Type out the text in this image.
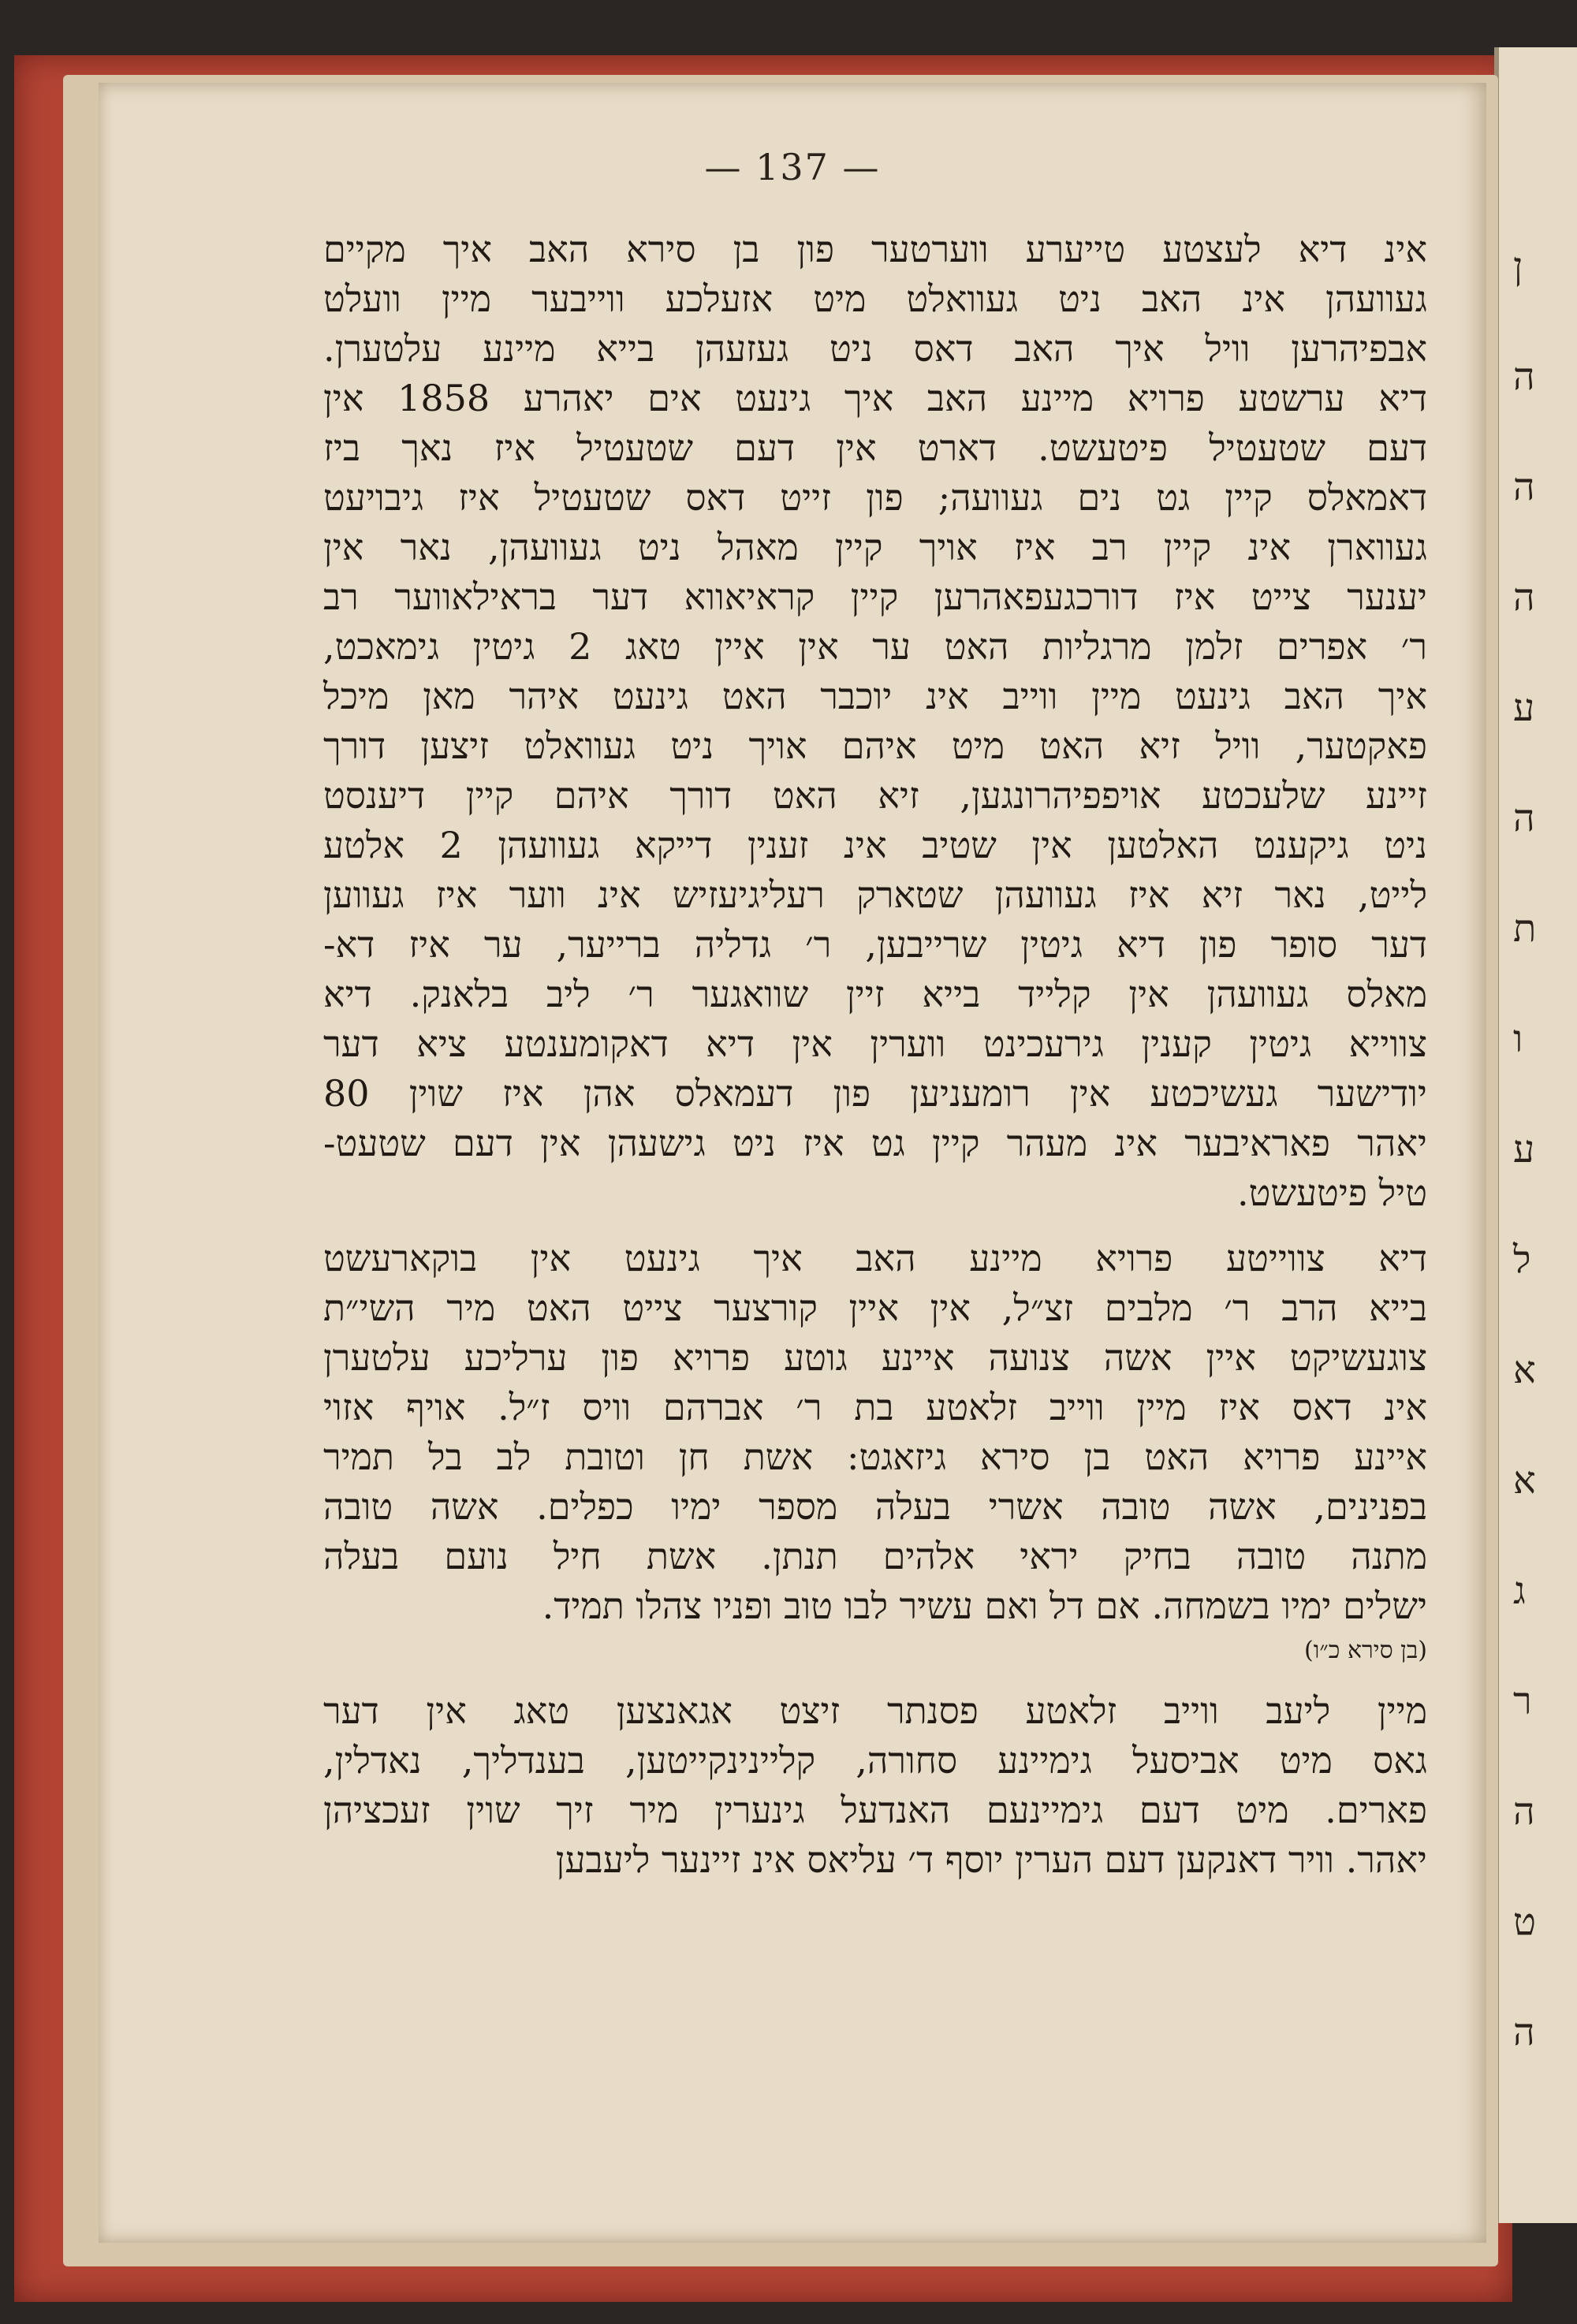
ן
ה
ה
ה
ע
ה
ת
ו
ע
ל
א
א
ג
ר
ה
ט
ה
— 137 —
אינ דיא לעצטע טייערע ווערטער פון בן סירא האב איך מקיים
געוועהן אינ האב ניט געוואלט מיט אזעלכע ווייבער מיין וועלט
אבפיהרען וויל איך האב דאס ניט געזעהן בייא מיינע עלטערן.
דיא ערשטע פרויא מיינע האב איך גינעט אים יאהרע 1858 אין
דעם שטעטיל פיטעשט. דארט אין דעם שטעטיל איז נאך ביז
דאמאלס קיין גט נים געוועה; פון זייט דאס שטעטיל איז גיבויעט
געווארן אינ קיין רב איז אויך קיין מאהל ניט געוועהן, נאר אין
יענער צייט איז דורכגעפאהרען קיין קראיאווא דער בראילאווער רב
ר׳ אפרים זלמן מרגליות האט ער אין איין טאג 2 גיטין גימאכט,
איך האב גינעט מיין ווייב אינ יוכבר האט גינעט איהר מאן מיכל
פאקטער, וויל זיא האט מיט איהם אויך ניט געוואלט זיצען דורך
זיינע שלעכטע אויפפיהרונגען, זיא האט דורך איהם קיין דיענסט
ניט גיקענט האלטען אין שטיב אינ זענין דייקא געוועהן 2 אלטע
לייט, נאר זיא איז געוועהן שטארק רעליגיעזיש אינ ווער איז געווען
דער סופר פון דיא גיטין שרייבען, ר׳ גדליה ברייער, ער איז דא-
מאלס געוועהן אין קלייד בייא זיין שוואגער ר׳ ליב בלאנק. דיא
צווייא גיטין קענין גירעכינט ווערין אין דיא דאקומענטע ציא דער
יודישער געשיכטע אין רומעניען פון דעמאלס אהן איז שוין 80
יאהר פאראיבער אינ מעהר קיין גט איז ניט גישעהן אין דעם שטעט-
טיל פיטעשט.
דיא צווייטע פרויא מיינע האב איך גינעט אין בוקארעשט
בייא הרב ר׳ מלבים זצ״ל, אין איין קורצער צייט האט מיר השי״ת
צוגעשיקט איין אשה צנועה איינע גוטע פרויא פון ערליכע עלטערן
אינ דאס איז מיין ווייב זלאטע בת ר׳ אברהם וויס ז״ל. אויף אזוי
איינע פרויא האט בן סירא גיזאגט: אשת חן וטובת לב בל תמיר
בפנינים, אשה טובה אשרי בעלה מספר ימיו כפלים. אשה טובה
מתנה טובה בחיק יראי אלהים תנתן. אשת חיל נועם בעלה
ישלים ימיו בשמחה. אם דל ואם עשיר לבו טוב ופניו צהלו תמיד.
(בן סירא כ״ו)
מיין ליעב ווייב זלאטע פסנתר זיצט אגאנצען טאג אין דער
גאס מיט אביסעל גימיינע סחורה, קליינינקייטען, בענדליך, נאדלין,
פארים. מיט דעם גימיינעם האנדעל גינערין מיר זיך שוין זעכציהן
יאהר. וויר דאנקען דעם הערין יוסף ד׳ עליאס אינ זיינער ליעבען
